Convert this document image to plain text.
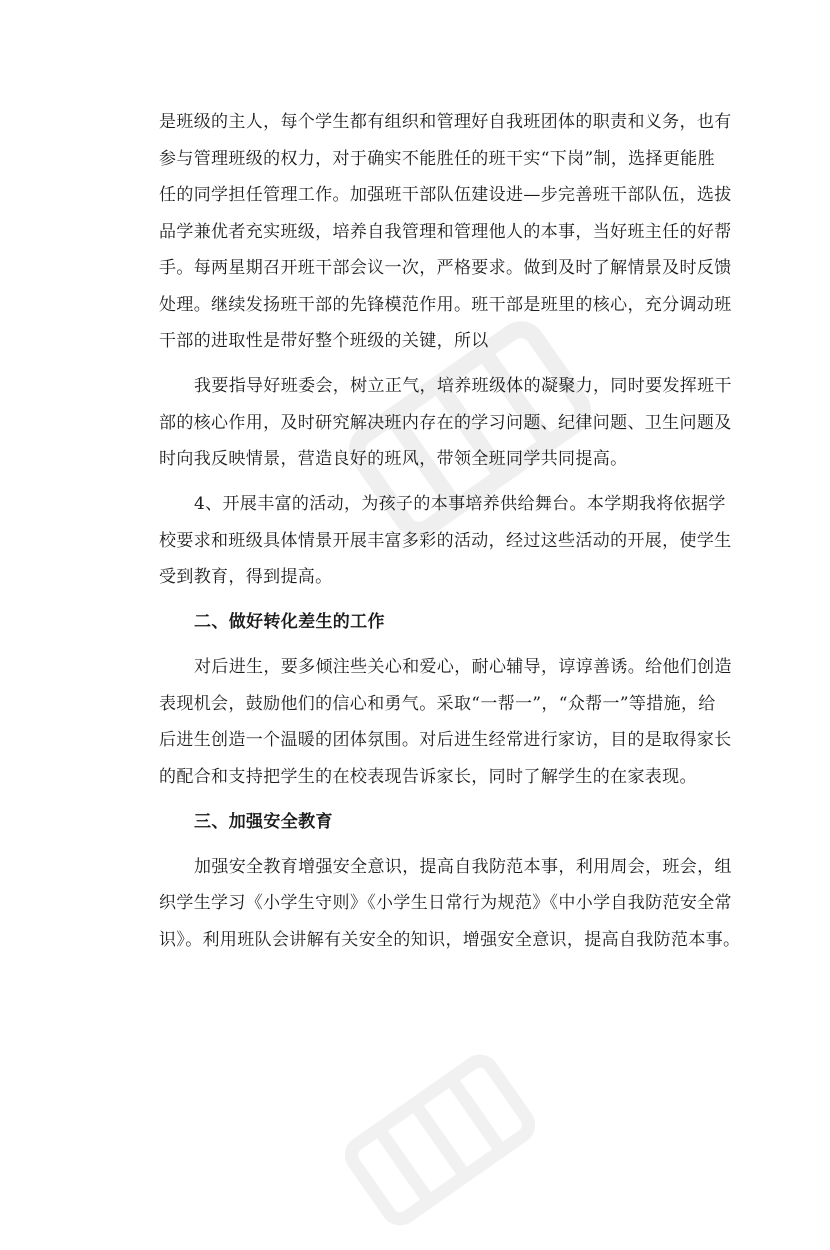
是班级的主人，每个学生都有组织和管理好自我班团体的职责和义务，也有
参与管理班级的权力，对于确实不能胜任的班干实“下岗”制，选择更能胜
任的同学担任管理工作。加强班干部队伍建设进—步完善班干部队伍，选拔
品学兼优者充实班级，培养自我管理和管理他人的本事，当好班主任的好帮
手。每两星期召开班干部会议一次，严格要求。做到及时了解情景及时反馈
处理。继续发扬班干部的先锋模范作用。班干部是班里的核心，充分调动班
干部的进取性是带好整个班级的关键，所以
我要指导好班委会，树立正气，培养班级体的凝聚力，同时要发挥班干
部的核心作用，及时研究解决班内存在的学习问题、纪律问题、卫生问题及
时向我反映情景，营造良好的班风，带领全班同学共同提高。
4、开展丰富的活动，为孩子的本事培养供给舞台。本学期我将依据学
校要求和班级具体情景开展丰富多彩的活动，经过这些活动的开展，使学生
受到教育，得到提高。
二、做好转化差生的工作
对后进生，要多倾注些关心和爱心，耐心辅导，谆谆善诱。给他们创造
表现机会，鼓励他们的信心和勇气。采取“一帮一”，“众帮一”等措施，给
后进生创造一个温暖的团体氛围。对后进生经常进行家访，目的是取得家长
的配合和支持把学生的在校表现告诉家长，同时了解学生的在家表现。
三、加强安全教育
加强安全教育增强安全意识，提高自我防范本事，利用周会，班会，组
织学生学习《小学生守则》《小学生日常行为规范》《中小学自我防范安全常
识》。利用班队会讲解有关安全的知识，增强安全意识，提高自我防范本事。
